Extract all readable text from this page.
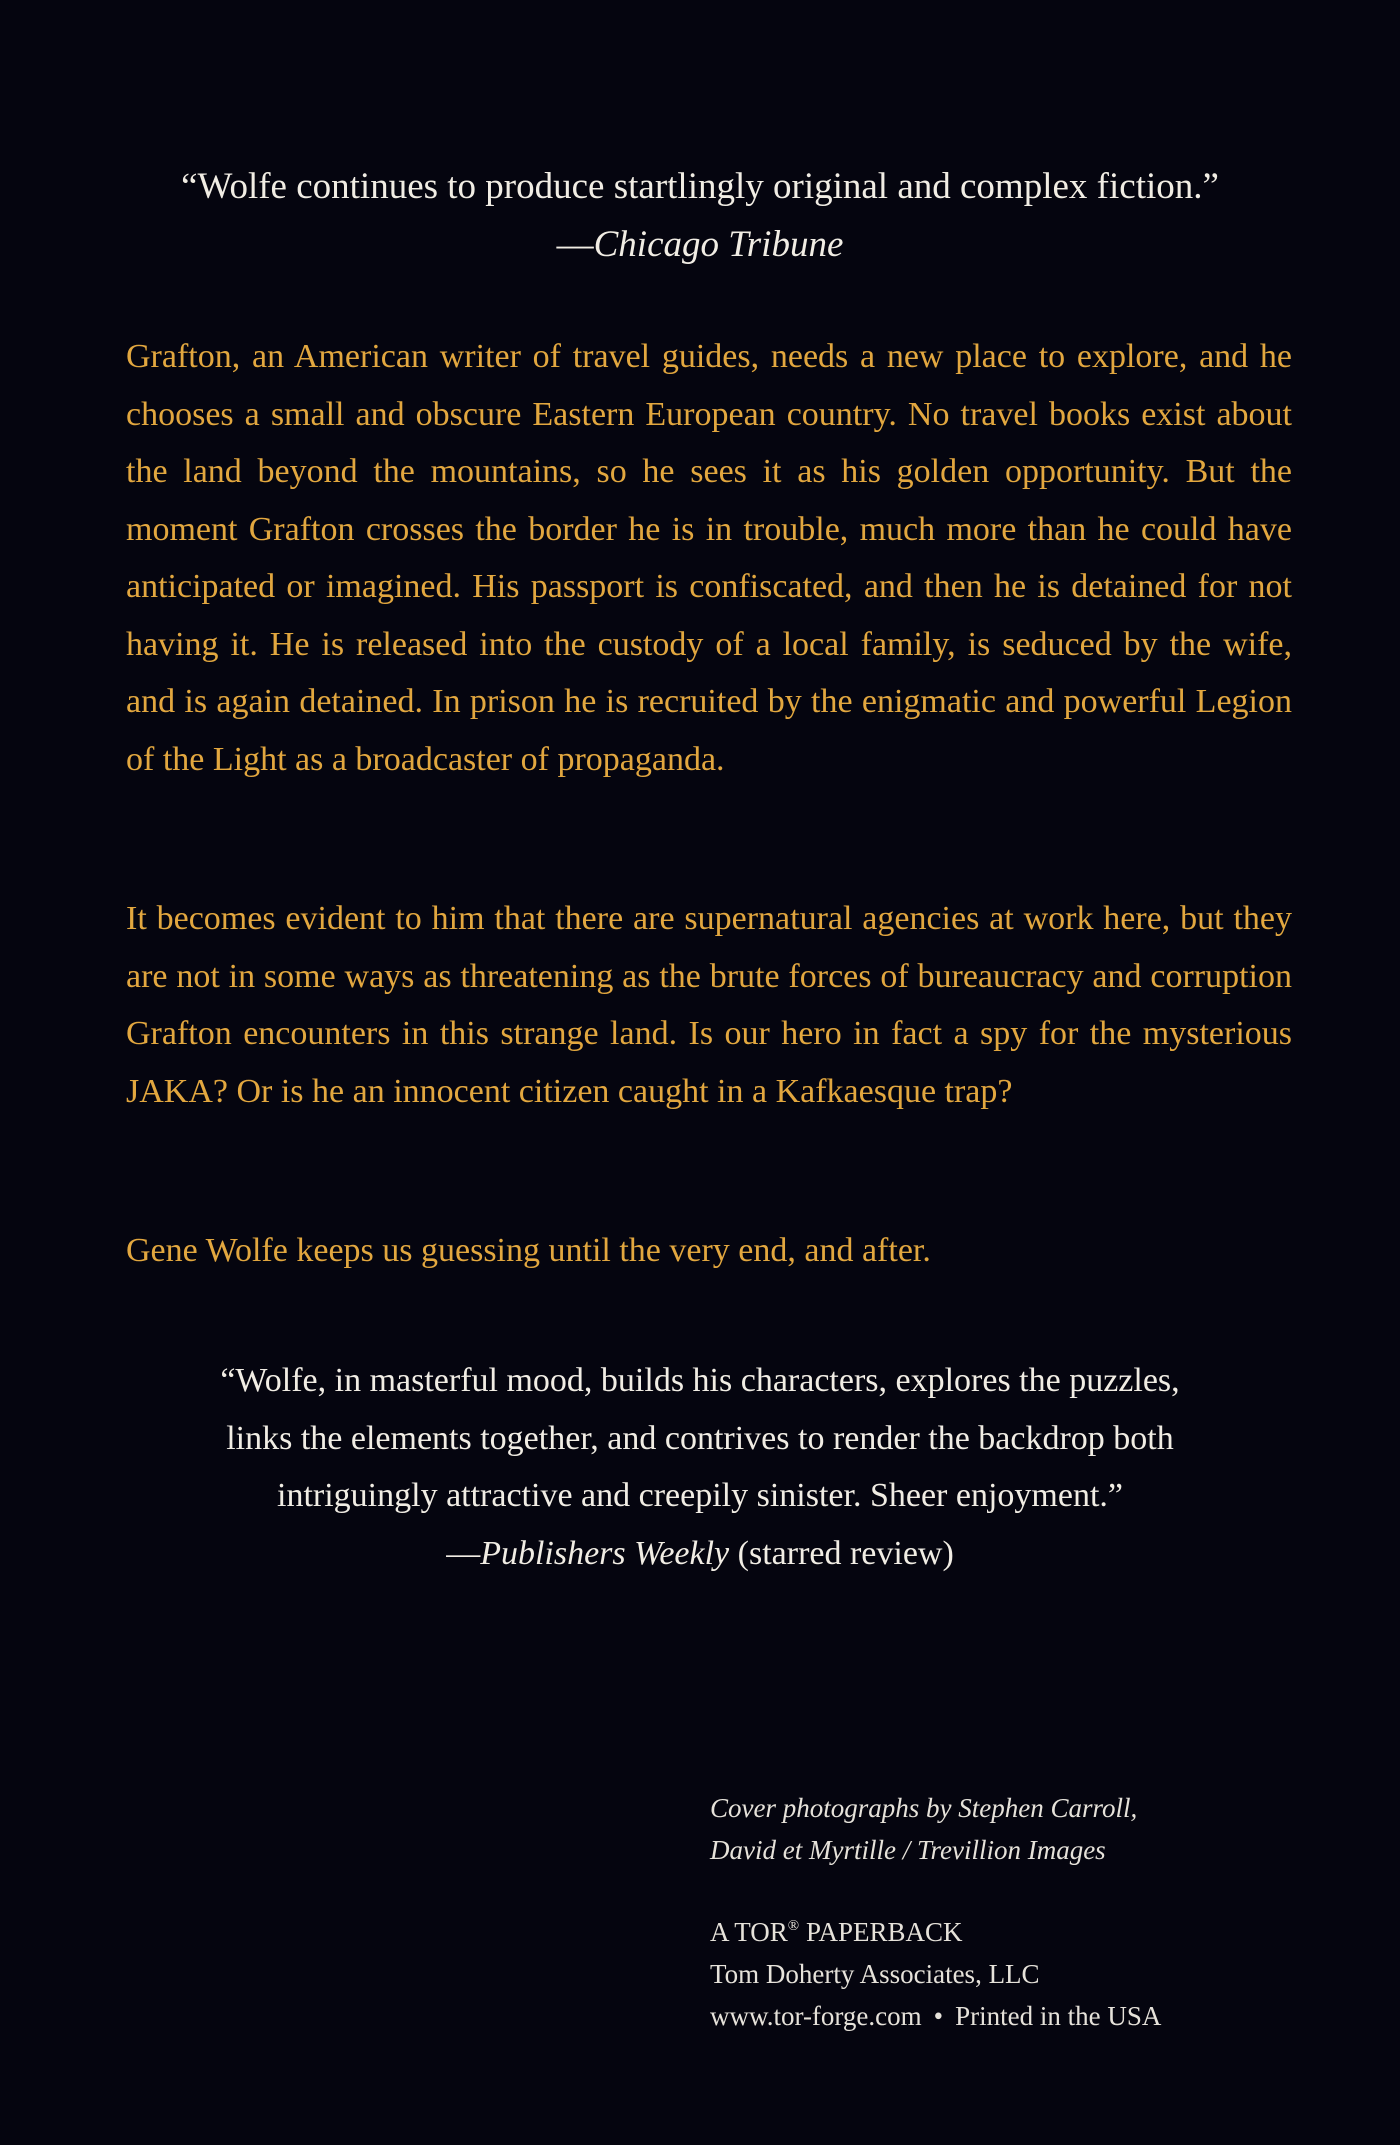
“Wolfe continues to produce startlingly original and complex fiction.”
—Chicago Tribune

Grafton, an American writer of travel guides, needs a new place to explore, and he chooses a small and obscure Eastern European country. No travel books exist about the land beyond the mountains, so he sees it as his golden opportunity. But the moment Grafton crosses the border he is in trouble, much more than he could have anticipated or imagined. His passport is confiscated, and then he is detained for not having it. He is released into the custody of a local family, is seduced by the wife, and is again detained. In prison he is recruited by the enigmatic and powerful Legion of the Light as a broadcaster of propaganda.

It becomes evident to him that there are supernatural agencies at work here, but they are not in some ways as threatening as the brute forces of bureaucracy and corruption Grafton encounters in this strange land. Is our hero in fact a spy for the mysterious JAKA? Or is he an innocent citizen caught in a Kafkaesque trap?

Gene Wolfe keeps us guessing until the very end, and after.

“Wolfe, in masterful mood, builds his characters, explores the puzzles,
links the elements together, and contrives to render the backdrop both
intriguingly attractive and creepily sinister. Sheer enjoyment.”
—Publishers Weekly (starred review)
Cover photographs by Stephen Carroll,
David et Myrtille / Trevillion Images
A TOR® PAPERBACK
Tom Doherty Associates, LLC
www.tor-forge.com • Printed in the USA
